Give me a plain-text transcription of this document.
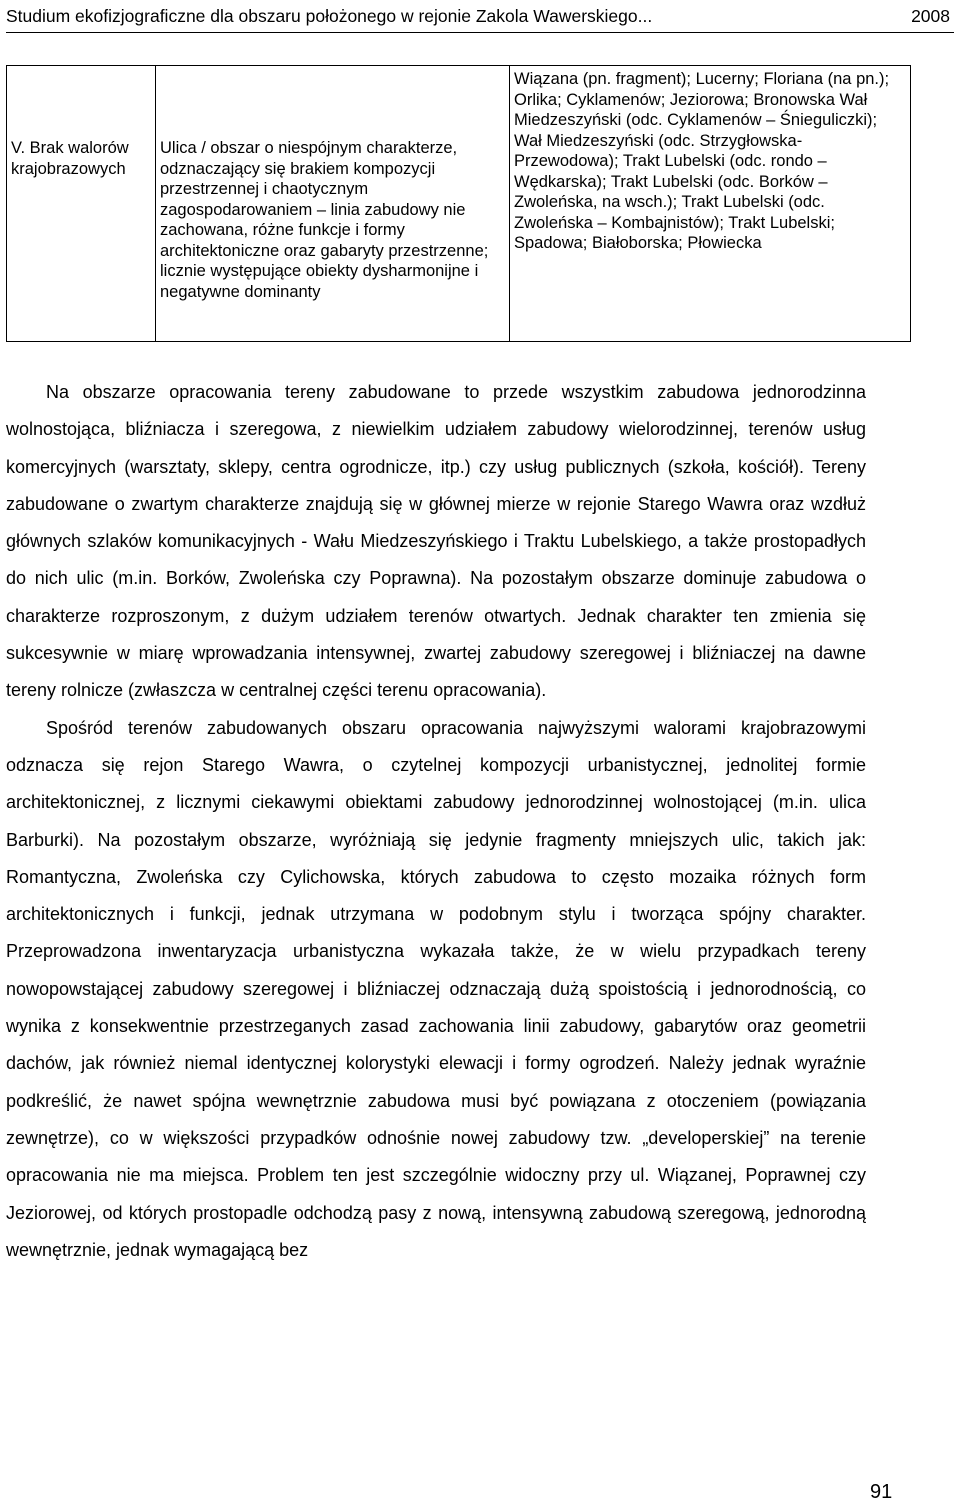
Studium ekofizjograficzne dla obszaru położonego w rejonie Zakola Wawerskiego...	2008
V. Brak walorów krajobrazowych	Ulica / obszar o niespójnym charakterze, odznaczający się brakiem kompozycji przestrzennej i chaotycznym zagospodarowaniem – linia zabudowy nie zachowana, różne funkcje i formy architektoniczne oraz gabaryty przestrzenne; licznie występujące obiekty dysharmonijne i negatywne dominanty	Wiązana (pn. fragment); Lucerny; Floriana (na pn.); Orlika; Cyklamenów; Jeziorowa; Bronowska Wał Miedzeszyński (odc. Cyklamenów – Śnieguliczki); Wał Miedzeszyński (odc. Strzygłowska- Przewodowa); Trakt Lubelski (odc. rondo – Wędkarska); Trakt Lubelski (odc. Borków – Zwoleńska, na wsch.); Trakt Lubelski (odc. Zwoleńska – Kombajnistów); Trakt Lubelski; Spadowa; Białoborska; Płowiecka

Na obszarze opracowania tereny zabudowane to przede wszystkim zabudowa jednorodzinna wolnostojąca, bliźniacza i szeregowa, z niewielkim udziałem zabudowy wielorodzinnej, terenów usług komercyjnych (warsztaty, sklepy, centra ogrodnicze, itp.) czy usług publicznych (szkoła, kościół). Tereny zabudowane o zwartym charakterze znajdują się w głównej mierze w rejonie Starego Wawra oraz wzdłuż głównych szlaków komunikacyjnych - Wału Miedzeszyńskiego i Traktu Lubelskiego, a także prostopadłych do nich ulic (m.in. Borków, Zwoleńska czy Poprawna). Na pozostałym obszarze dominuje zabudowa o charakterze rozproszonym, z dużym udziałem terenów otwartych. Jednak charakter ten zmienia się sukcesywnie w miarę wprowadzania intensywnej, zwartej zabudowy szeregowej i bliźniaczej na dawne tereny rolnicze (zwłaszcza w centralnej części terenu opracowania).

Spośród terenów zabudowanych obszaru opracowania najwyższymi walorami krajobrazowymi odznacza się rejon Starego Wawra, o czytelnej kompozycji urbanistycznej, jednolitej formie architektonicznej, z licznymi ciekawymi obiektami zabudowy jednorodzinnej wolnostojącej (m.in. ulica Barburki). Na pozostałym obszarze, wyróżniają się jedynie fragmenty mniejszych ulic, takich jak: Romantyczna, Zwoleńska czy Cylichowska, których zabudowa to często mozaika różnych form architektonicznych i funkcji, jednak utrzymana w podobnym stylu i tworząca spójny charakter. Przeprowadzona inwentaryzacja urbanistyczna wykazała także, że w wielu przypadkach tereny nowopowstającej zabudowy szeregowej i bliźniaczej odznaczają dużą spoistością i jednorodnością, co wynika z konsekwentnie przestrzeganych zasad zachowania linii zabudowy, gabarytów oraz geometrii dachów, jak również niemal identycznej kolorystyki elewacji i formy ogrodzeń. Należy jednak wyraźnie podkreślić, że nawet spójna wewnętrznie zabudowa musi być powiązana z otoczeniem (powiązania zewnętrze), co w większości przypadków odnośnie nowej zabudowy tzw. „developerskiej” na terenie opracowania nie ma miejsca. Problem ten jest szczególnie widoczny przy ul. Wiązanej, Poprawnej czy Jeziorowej, od których prostopadle odchodzą pasy z nową, intensywną zabudową szeregową, jednorodną wewnętrznie, jednak wymagającą bez

91
